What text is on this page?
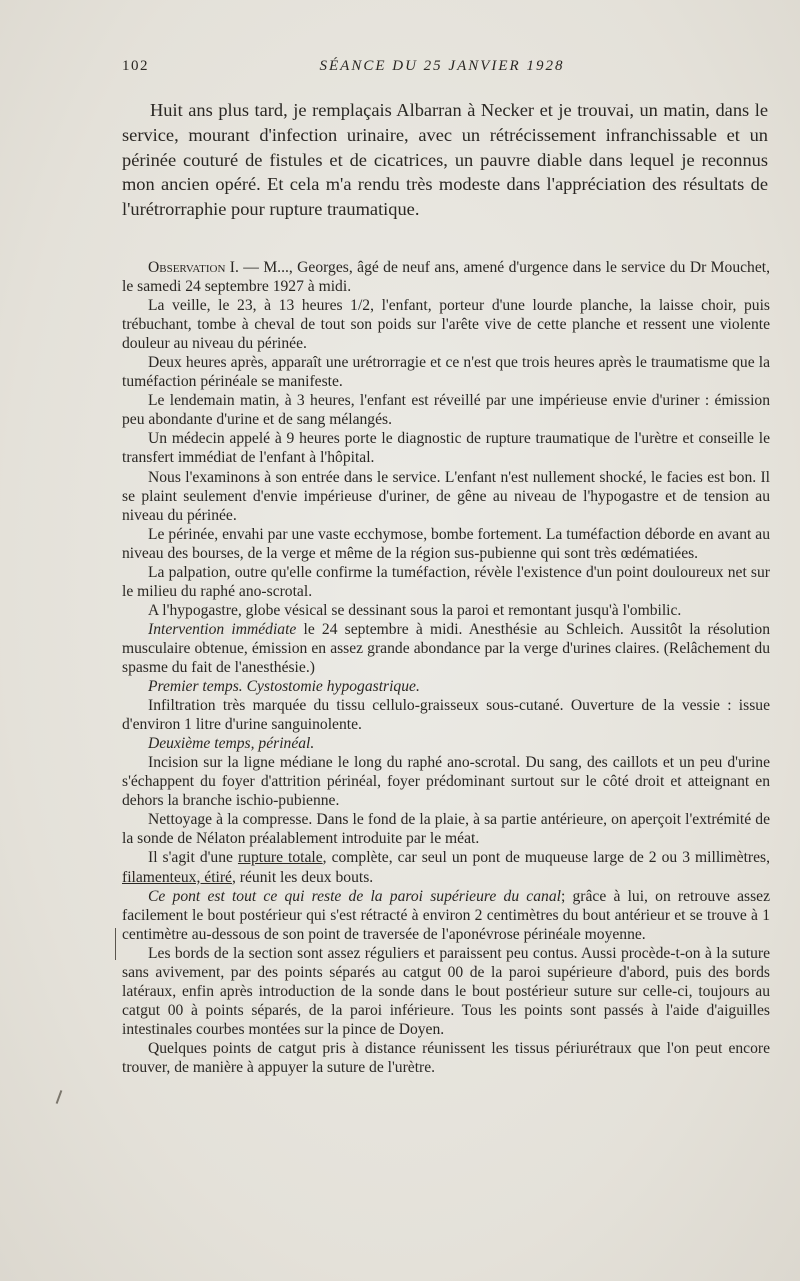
102	SÉANCE DU 25 JANVIER 1928
Huit ans plus tard, je remplaçais Albarran à Necker et je trouvai, un matin, dans le service, mourant d'infection urinaire, avec un rétrécissement infranchissable et un périnée couturé de fistules et de cicatrices, un pauvre diable dans lequel je reconnus mon ancien opéré. Et cela m'a rendu très modeste dans l'appréciation des résultats de l'urétrorraphie pour rupture traumatique.

Observation I. — M..., Georges, âgé de neuf ans, amené d'urgence dans le service du Dr Mouchet, le samedi 24 septembre 1927 à midi.

La veille, le 23, à 13 heures 1/2, l'enfant, porteur d'une lourde planche, la laisse choir, puis trébuchant, tombe à cheval de tout son poids sur l'arête vive de cette planche et ressent une violente douleur au niveau du périnée.

Deux heures après, apparaît une urétrorragie et ce n'est que trois heures après le traumatisme que la tuméfaction périnéale se manifeste.

Le lendemain matin, à 3 heures, l'enfant est réveillé par une impérieuse envie d'uriner : émission peu abondante d'urine et de sang mélangés.

Un médecin appelé à 9 heures porte le diagnostic de rupture traumatique de l'urètre et conseille le transfert immédiat de l'enfant à l'hôpital.

Nous l'examinons à son entrée dans le service. L'enfant n'est nullement shocké, le facies est bon. Il se plaint seulement d'envie impérieuse d'uriner, de gêne au niveau de l'hypogastre et de tension au niveau du périnée.

Le périnée, envahi par une vaste ecchymose, bombe fortement. La tuméfaction déborde en avant au niveau des bourses, de la verge et même de la région sus-pubienne qui sont très œdématiées.

La palpation, outre qu'elle confirme la tuméfaction, révèle l'existence d'un point douloureux net sur le milieu du raphé ano-scrotal.

A l'hypogastre, globe vésical se dessinant sous la paroi et remontant jusqu'à l'ombilic.

Intervention immédiate le 24 septembre à midi. Anesthésie au Schleich. Aussitôt la résolution musculaire obtenue, émission en assez grande abondance par la verge d'urines claires. (Relâchement du spasme du fait de l'anesthésie.)

Premier temps. Cystostomie hypogastrique.

Infiltration très marquée du tissu cellulo-graisseux sous-cutané. Ouverture de la vessie : issue d'environ 1 litre d'urine sanguinolente.

Deuxième temps, périnéal.

Incision sur la ligne médiane le long du raphé ano-scrotal. Du sang, des caillots et un peu d'urine s'échappent du foyer d'attrition périnéal, foyer prédominant surtout sur le côté droit et atteignant en dehors la branche ischio-pubienne.

Nettoyage à la compresse. Dans le fond de la plaie, à sa partie antérieure, on aperçoit l'extrémité de la sonde de Nélaton préalablement introduite par le méat.

Il s'agit d'une rupture totale, complète, car seul un pont de muqueuse large de 2 ou 3 millimètres, filamenteux, étiré, réunit les deux bouts.

Ce pont est tout ce qui reste de la paroi supérieure du canal; grâce à lui, on retrouve assez facilement le bout postérieur qui s'est rétracté à environ 2 centimètres du bout antérieur et se trouve à 1 centimètre au-dessous de son point de traversée de l'aponévrose périnéale moyenne.

Les bords de la section sont assez réguliers et paraissent peu contus. Aussi procède-t-on à la suture sans avivement, par des points séparés au catgut 00 de la paroi supérieure d'abord, puis des bords latéraux, enfin après introduction de la sonde dans le bout postérieur suture sur celle-ci, toujours au catgut 00 à points séparés, de la paroi inférieure. Tous les points sont passés à l'aide d'aiguilles intestinales courbes montées sur la pince de Doyen.

Quelques points de catgut pris à distance réunissent les tissus périurétraux que l'on peut encore trouver, de manière à appuyer la suture de l'urètre.
